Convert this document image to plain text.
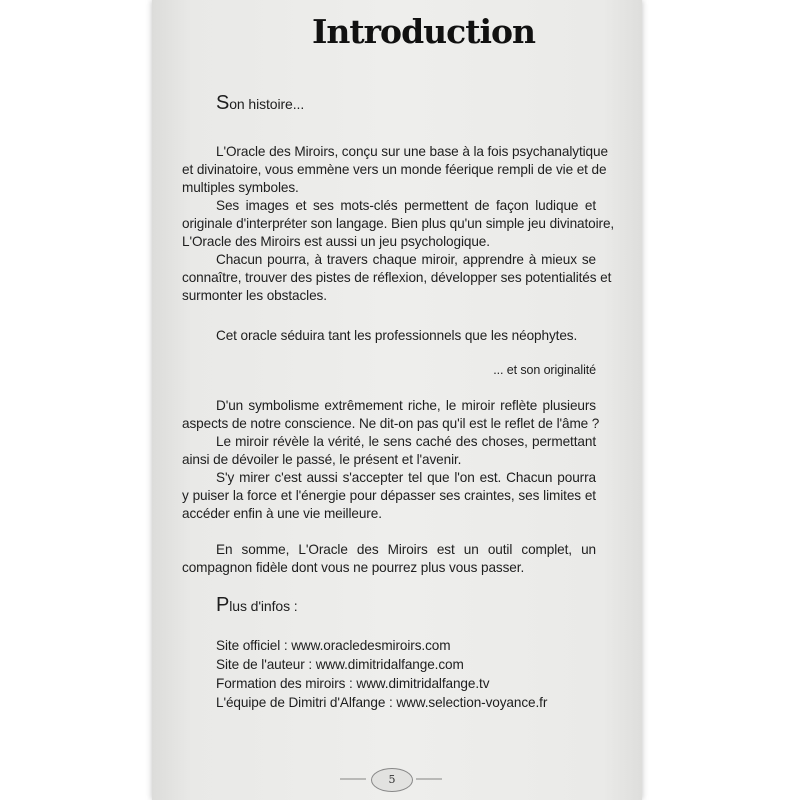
Introduction
Son histoire...
L'Oracle des Miroirs, conçu sur une base à la fois psychanalytique
et divinatoire, vous emmène vers un monde féerique rempli de vie et de
multiples symboles.
Ses images et ses mots-clés permettent de façon ludique et
originale d'interpréter son langage. Bien plus qu'un simple jeu divinatoire,
L'Oracle des Miroirs est aussi un jeu psychologique.
Chacun pourra, à travers chaque miroir, apprendre à mieux se
connaître, trouver des pistes de réflexion, développer ses potentialités et
surmonter les obstacles.
Cet oracle séduira tant les professionnels que les néophytes.
... et son originalité
D'un symbolisme extrêmement riche, le miroir reflète plusieurs
aspects de notre conscience. Ne dit-on pas qu'il est le reflet de l'âme ?
Le miroir révèle la vérité, le sens caché des choses, permettant
ainsi de dévoiler le passé, le présent et l'avenir.
S'y mirer c'est aussi s'accepter tel que l'on est. Chacun pourra
y puiser la force et l'énergie pour dépasser ses craintes, ses limites et
accéder enfin à une vie meilleure.
En somme, L'Oracle des Miroirs est un outil complet, un
compagnon fidèle dont vous ne pourrez plus vous passer.
Plus d'infos :
Site officiel : www.oracledesmiroirs.com
Site de l'auteur : www.dimitridalfange.com
Formation des miroirs : www.dimitridalfange.tv
L'équipe de Dimitri d'Alfange : www.selection-voyance.fr
5
